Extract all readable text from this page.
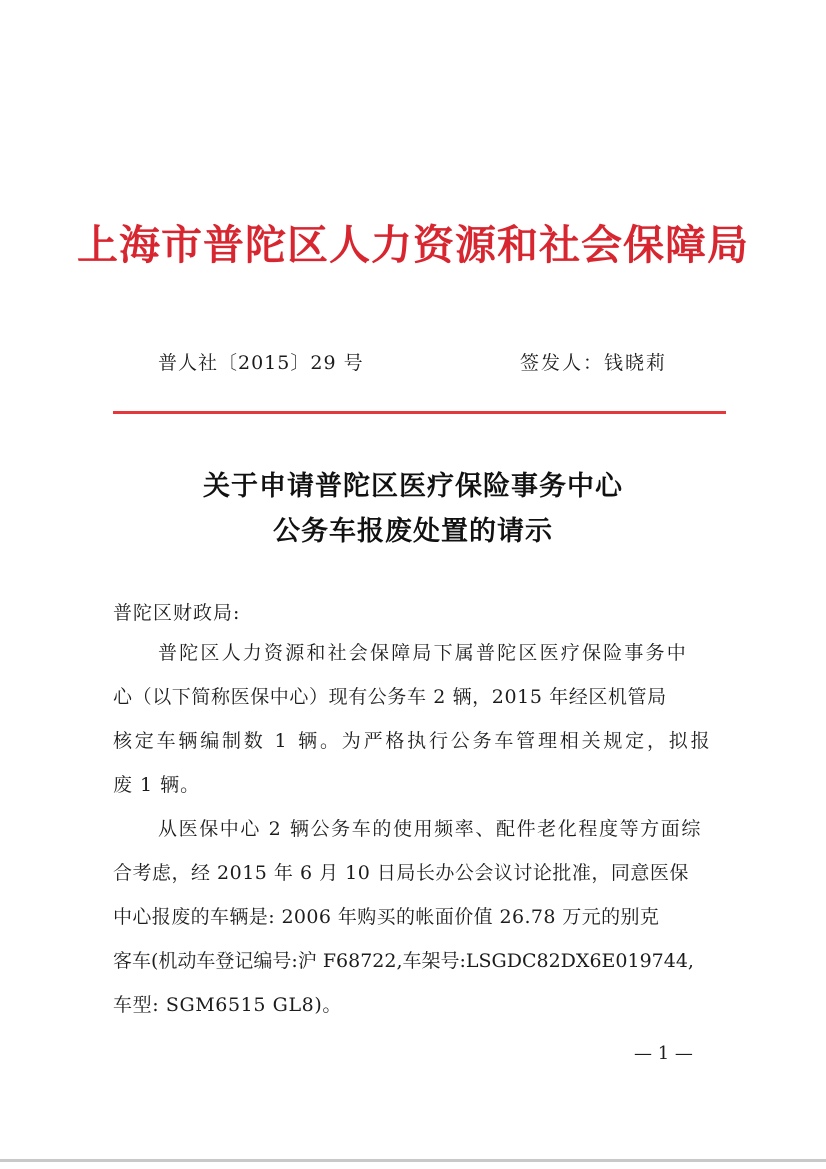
上海市普陀区人力资源和社会保障局
普人社〔2015〕29 号	签发人：钱晓莉
关于申请普陀区医疗保险事务中心
公务车报废处置的请示
普陀区财政局:
普陀区人力资源和社会保障局下属普陀区医疗保险事务中
心（以下简称医保中心）现有公务车 2 辆，2015 年经区机管局
核定车辆编制数 1 辆。为严格执行公务车管理相关规定，拟报
废 1 辆。
从医保中心 2 辆公务车的使用频率、配件老化程度等方面综
合考虑，经 2015 年 6 月 10 日局长办公会议讨论批准，同意医保
中心报废的车辆是: 2006 年购买的帐面价值 26.78 万元的别克
客车(机动车登记编号:沪 F68722,车架号:LSGDC82DX6E019744,
车型: SGM6515 GL8)。
— 1 —
